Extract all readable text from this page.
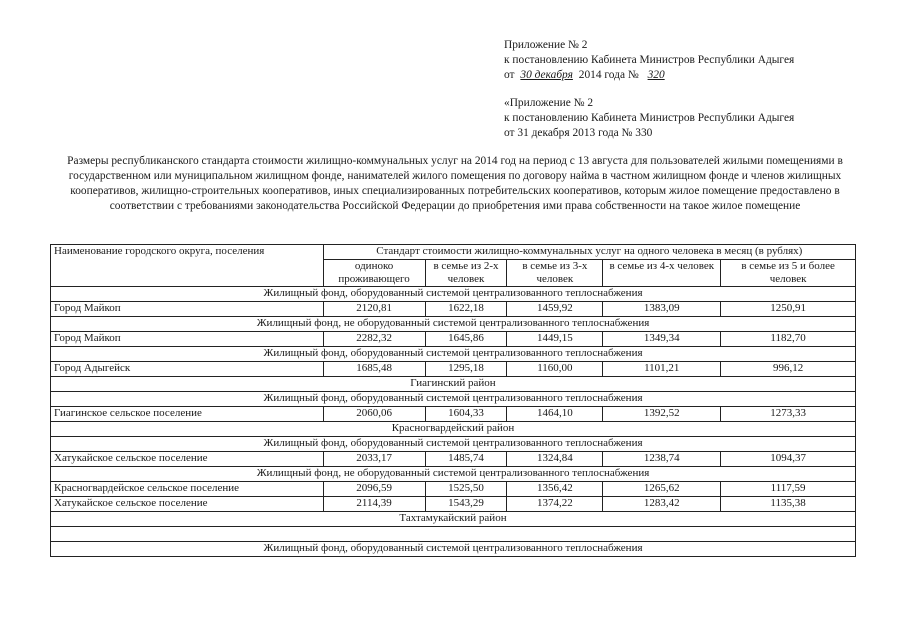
Приложение № 2
к постановлению Кабинета Министров Республики Адыгея
от 30 декабря 2014 года № 320
«Приложение № 2
к постановлению Кабинета Министров Республики Адыгея
от 31 декабря 2013 года № 330
Размеры республиканского стандарта стоимости жилищно-коммунальных услуг на 2014 год на период с 13 августа для пользователей жилыми помещениями в государственном или муниципальном жилищном фонде, нанимателей жилого помещения по договору найма в частном жилищном фонде и членов жилищных кооперативов, жилищно-строительных кооперативов, иных специализированных потребительских кооперативов, которым жилое помещение предоставлено в соответствии с требованиями законодательства Российской Федерации до приобретения ими права собственности на такое жилое помещение
Наименование городского округа, поселения	Стандарт стоимости жилищно-коммунальных услуг на одного человека в месяц (в рублях)				
	одиноко проживающего	в семье из 2-х человек	в семье из 3-х человек	в семье из 4-х человек	в семье из 5 и более человек
Жилищный фонд, оборудованный системой централизованного теплоснабжения					
Город Майкоп	2120,81	1622,18	1459,92	1383,09	1250,91
Жилищный фонд, не оборудованный системой централизованного теплоснабжения					
Город Майкоп	2282,32	1645,86	1449,15	1349,34	1182,70
Жилищный фонд, оборудованный системой централизованного теплоснабжения					
Город Адыгейск	1685,48	1295,18	1160,00	1101,21	996,12
Гиагинский район					
Жилищный фонд, оборудованный системой централизованного теплоснабжения					
Гиагинское сельское поселение	2060,06	1604,33	1464,10	1392,52	1273,33
Красногвардейский район					
Жилищный фонд, оборудованный системой централизованного теплоснабжения					
Хатукайское сельское поселение	2033,17	1485,74	1324,84	1238,74	1094,37
Жилищный фонд, не оборудованный системой централизованного теплоснабжения					
Красногвардейское сельское поселение	2096,59	1525,50	1356,42	1265,62	1117,59
Хатукайское сельское поселение	2114,39	1543,29	1374,22	1283,42	1135,38
Тахтамукайский район					

Жилищный фонд, оборудованный системой централизованного теплоснабжения					
